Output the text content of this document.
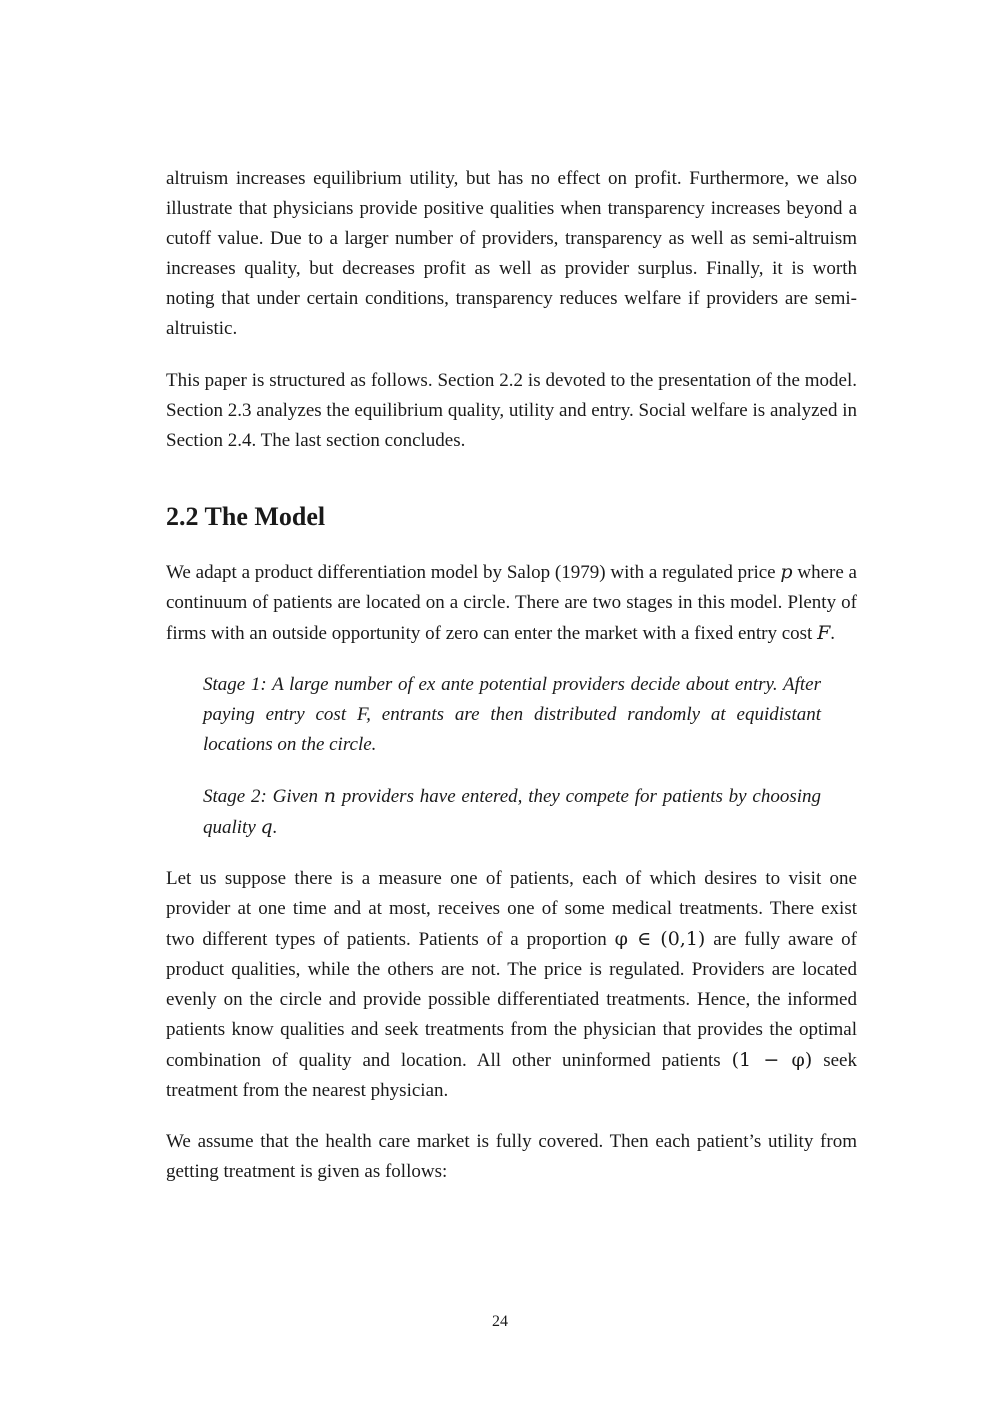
altruism increases equilibrium utility, but has no effect on profit. Furthermore, we also illustrate that physicians provide positive qualities when transparency increases beyond a cutoff value. Due to a larger number of providers, transparency as well as semi-altruism increases quality, but decreases profit as well as provider surplus. Finally, it is worth noting that under certain conditions, transparency reduces welfare if providers are semi-altruistic.

This paper is structured as follows. Section 2.2 is devoted to the presentation of the model. Section 2.3 analyzes the equilibrium quality, utility and entry. Social welfare is analyzed in Section 2.4. The last section concludes.

2.2 The Model

We adapt a product differentiation model by Salop (1979) with a regulated price p where a continuum of patients are located on a circle. There are two stages in this model. Plenty of firms with an outside opportunity of zero can enter the market with a fixed entry cost F.

Stage 1: A large number of ex ante potential providers decide about entry. After paying entry cost F, entrants are then distributed randomly at equidistant locations on the circle.

Stage 2: Given n providers have entered, they compete for patients by choosing quality q.

Let us suppose there is a measure one of patients, each of which desires to visit one provider at one time and at most, receives one of some medical treatments. There exist two different types of patients. Patients of a proportion φ ∈ (0,1) are fully aware of product qualities, while the others are not. The price is regulated. Providers are located evenly on the circle and provide possible differentiated treatments. Hence, the informed patients know qualities and seek treatments from the physician that provides the optimal combination of quality and location. All other uninformed patients (1 − φ) seek treatment from the nearest physician.

We assume that the health care market is fully covered. Then each patient’s utility from getting treatment is given as follows:

24
